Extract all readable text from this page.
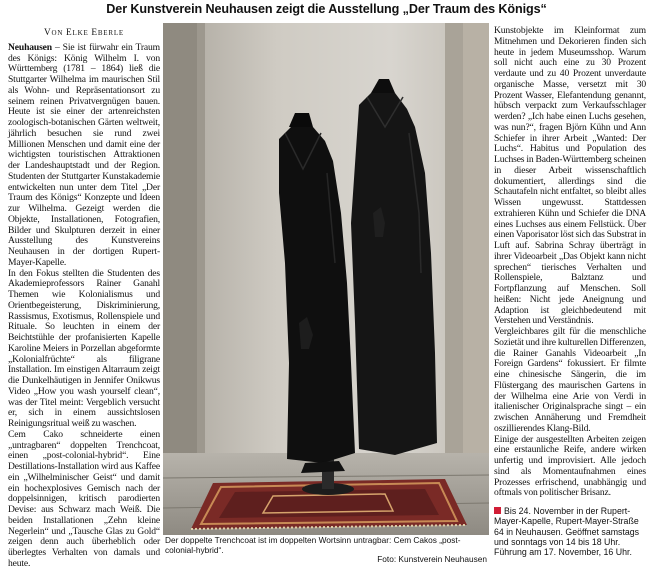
Der Kunstverein Neuhausen zeigt die Ausstellung „Der Traum des Königs“
Von Elke Eberle

Neuhausen – Sie ist fürwahr ein Traum des Königs: König Wilhelm I. von Württemberg (1781 – 1864) ließ die Stuttgarter Wilhelma im maurischen Stil als Wohn- und Repräsentationsort zu seinem reinen Privatvergnügen bauen. Heute ist sie einer der artenreichsten zoologisch-botanischen Gärten weltweit, jährlich besuchen sie rund zwei Millionen Menschen und damit eine der wichtigsten touristischen Attraktionen der Landeshauptstadt und der Region. Studenten der Stuttgarter Kunstakademie entwickelten nun unter dem Titel „Der Traum des Königs“ Konzepte und Ideen zur Wilhelma. Gezeigt werden die Objekte, Installationen, Fotografien, Bilder und Skulpturen derzeit in einer Ausstellung des Kunstvereins Neuhausen in der dortigen Rupert-Mayer-Kapelle.

In den Fokus stellten die Studenten des Akademieprofessors Rainer Ganahl Themen wie Kolonialismus und Orientbegeisterung, Diskriminierung, Rassismus, Exotismus, Rollenspiele und Rituale. So leuchten in einem der Beichtstühle der profanisierten Kapelle Karoline Meiers in Porzellan abgeformte „Kolonialfrüchte“ als filigrane Installation. Im einstigen Altarraum zeigt die Dunkelhäutigen in Jennifer Onikwus Video „How you wash yourself clean“, was der Titel meint: Vergeblich versucht er, sich in einem aussichtslosen Reinigungsritual weiß zu waschen.

Cem Cako schneiderte einen „untragbaren“ doppelten Trenchcoat, einen „post-colonial-hybrid“. Eine Destillations-Installation wird aus Kaffee ein „Wilhelminischer Geist“ und damit ein hochexplosives Gemisch nach der doppelsinnigen, kritisch parodierten Devise: aus Schwarz mach Weiß. Die beiden Installationen „Zehn kleine Negerlein“ und „Tausche Glas zu Gold“ zeigen denn auch überheblich oder überlegtes Verhalten von damals und heute.

Der doppelte Trenchcoat ist im doppelten Wortsinn untragbar: Cem Cakos „post-colonial-hybrid“.
Foto: Kunstverein Neuhausen

Kunstobjekte im Kleinformat zum Mitnehmen und Dekorieren finden sich heute in jedem Museumsshop. Warum soll nicht auch eine zu 30 Prozent verdaute und zu 40 Prozent unverdaute organische Masse, versetzt mit 30 Prozent Wasser, Elefantendung genannt, hübsch verpackt zum Verkaufsschlager werden? „Ich habe einen Luchs gesehen, was nun?“, fragen Björn Kühn und Ann Schiefer in ihrer Arbeit „Wanted: Der Luchs“. Habitus und Population des Luchses in Baden-Württemberg scheinen in dieser Arbeit wissenschaftlich dokumentiert, allerdings sind die Schautafeln nicht entfaltet, so bleibt alles Wissen ungewusst. Stattdessen extrahieren Kühn und Schiefer die DNA eines Luchses aus einem Fellstück. Über einen Vaporisator löst sich das Substrat in Luft auf. Sabrina Schray überträgt in ihrer Videoarbeit „Das Objekt kann nicht sprechen“ tierisches Verhalten und Rollenspiele, Balztanz und Fortpflanzung auf Menschen. Soll heißen: Nicht jede Aneignung und Adaption ist gleichbedeutend mit Verstehen und Verständnis.

Vergleichbares gilt für die menschliche Sozietät und ihre kulturellen Differenzen, die Rainer Ganahls Videoarbeit „In Foreign Gardens“ fokussiert. Er filmte eine chinesische Sängerin, die im Flüstergang des maurischen Gartens in der Wilhelma eine Arie von Verdi in italienischer Originalsprache singt – ein zwischen Annäherung und Fremdheit oszillierendes Klang-Bild.

Einige der ausgestellten Arbeiten zeigen eine erstaunliche Reife, andere wirken unfertig und improvisiert. Alle jedoch sind als Momentaufnahmen eines Prozesses erfrischend, unabhängig und oftmals von politischer Brisanz.

Bis 24. November in der Rupert-Mayer-Kapelle, Rupert-Mayer-Straße 64 in Neuhausen. Geöffnet samstags und sonntags von 14 bis 18 Uhr. Führung am 17. November, 16 Uhr.
